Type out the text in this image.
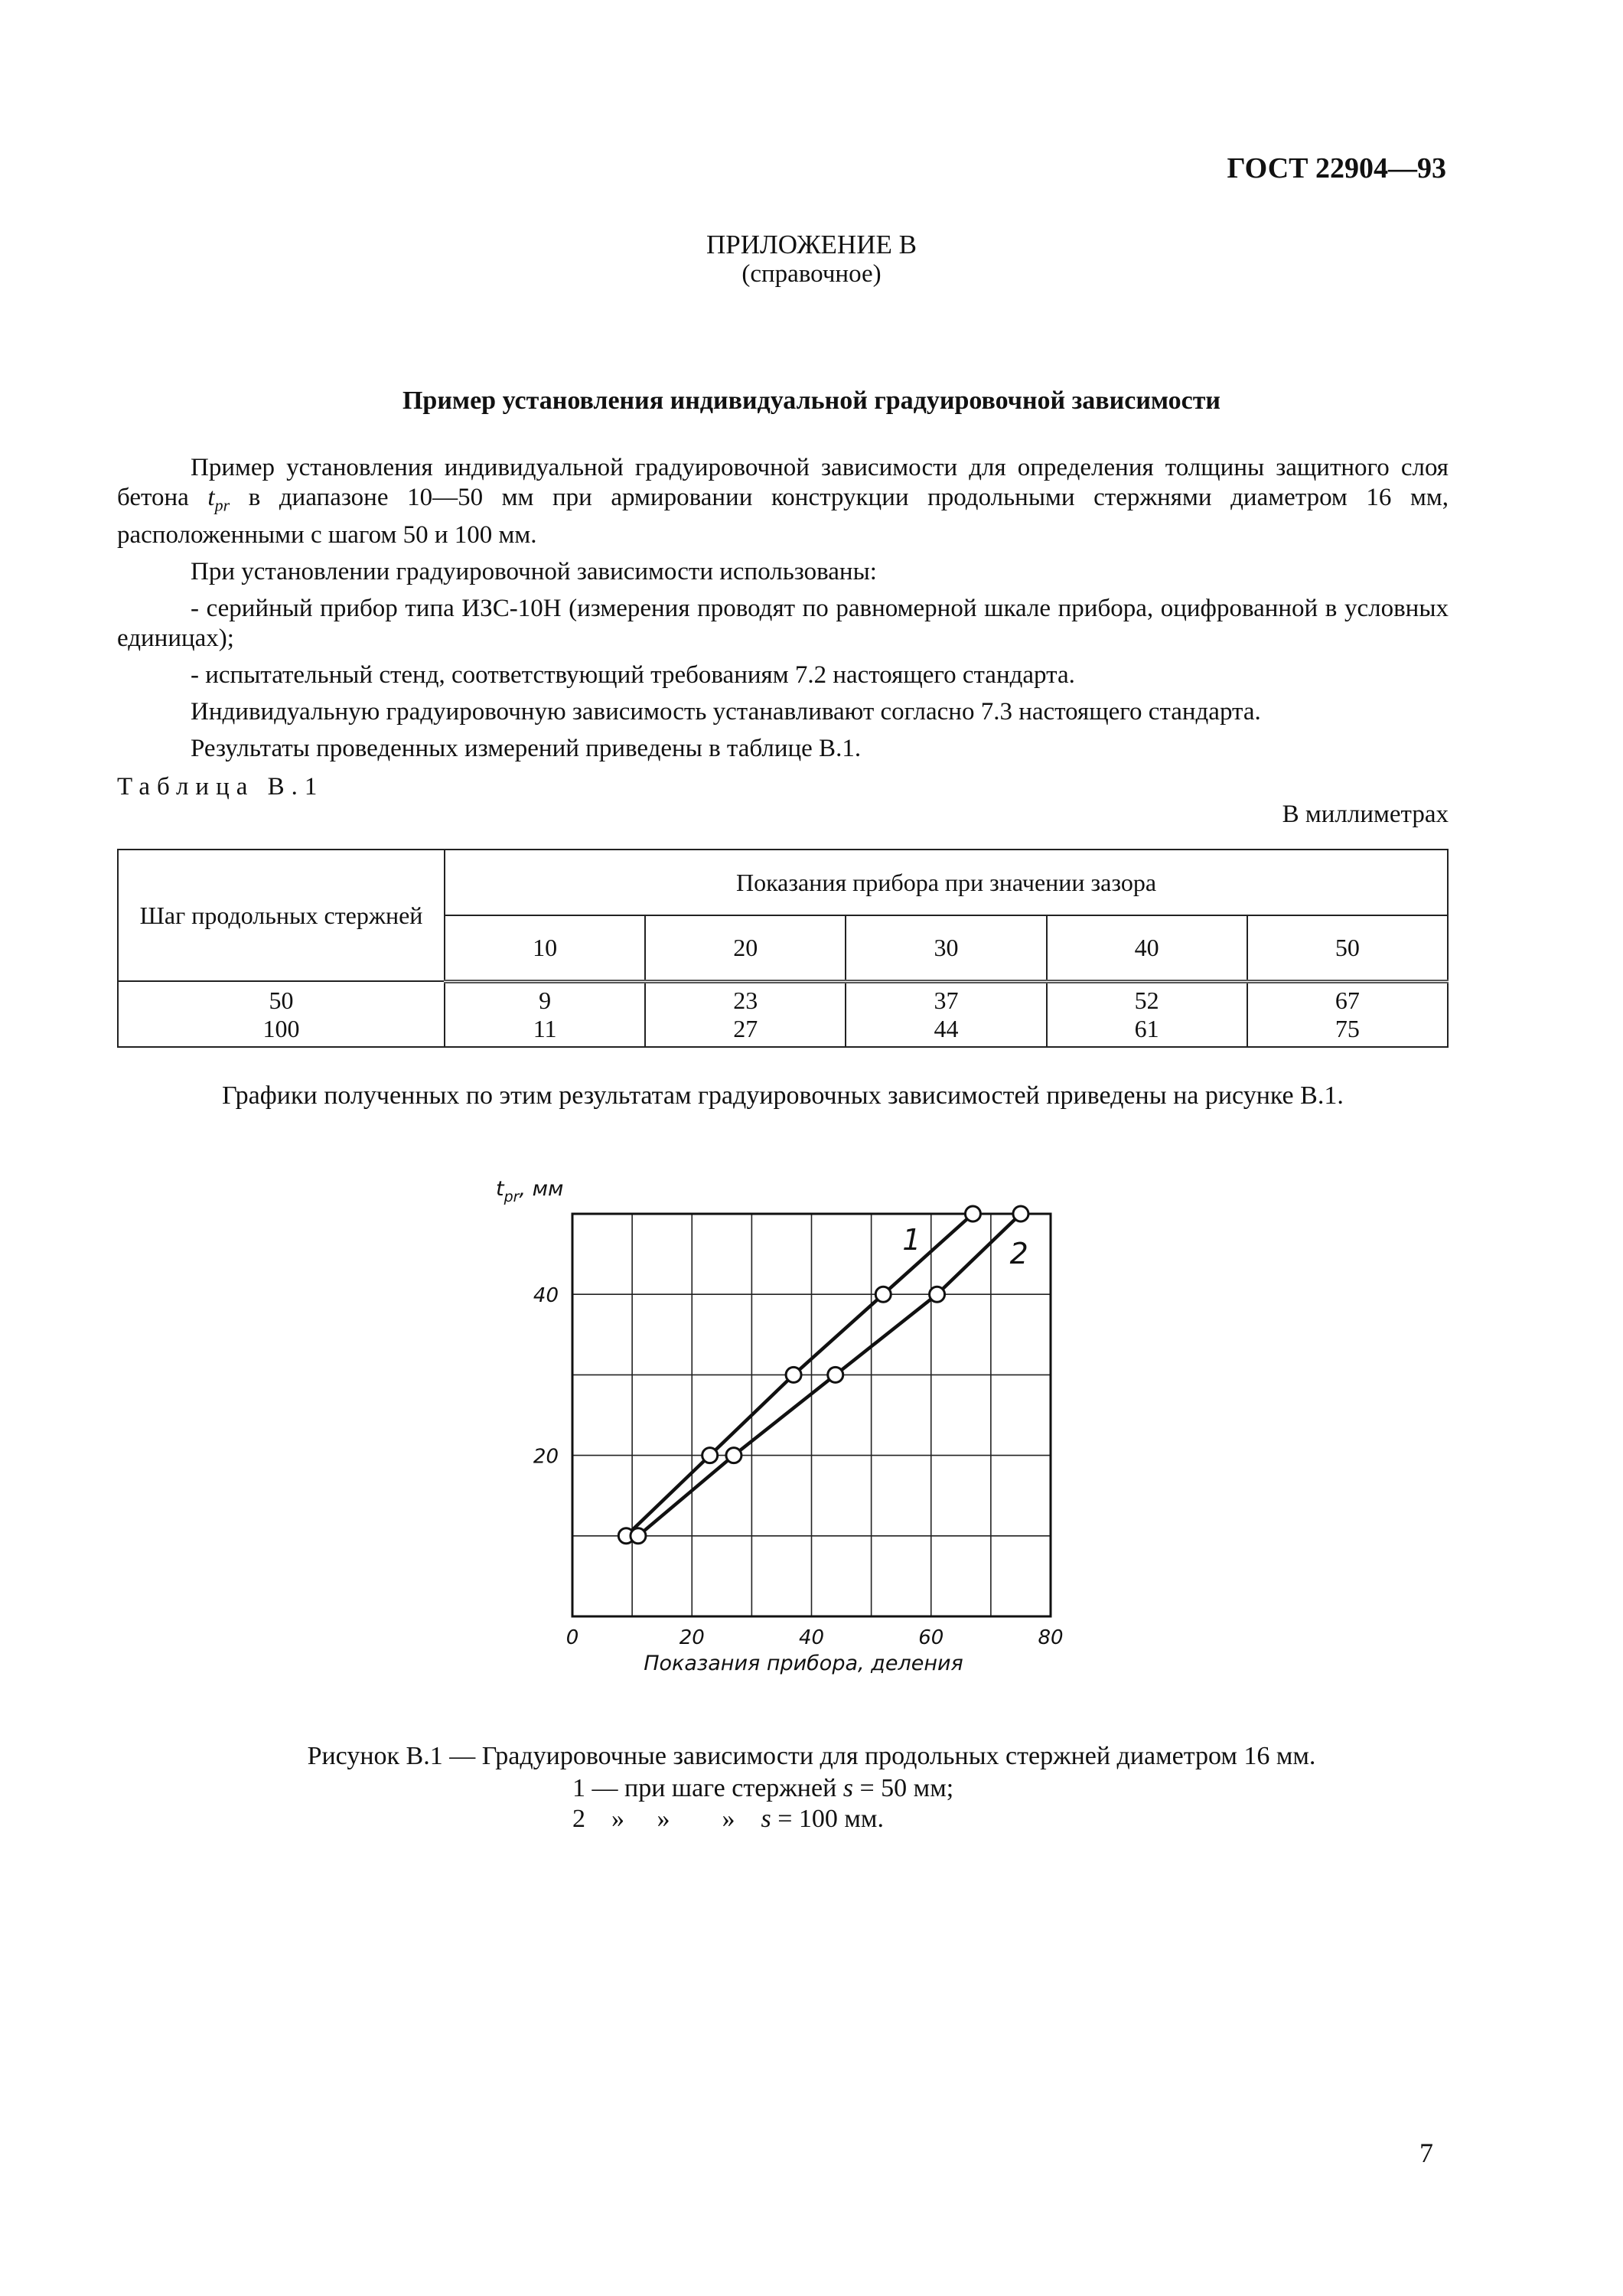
ГОСТ 22904—93
ПРИЛОЖЕНИЕ В
(справочное)
Пример установления индивидуальной градуировочной зависимости

Пример установления индивидуальной градуировочной зависимости для определения толщины защитного слоя бетона $t_{pr}$ в диапазоне 10—50 мм при армировании конструкции продольными стержнями диаметром 16 мм, расположенными с шагом 50 и 100 мм.

При установлении градуировочной зависимости использованы:

- серийный прибор типа ИЗС-10Н (измерения проводят по равномерной шкале прибора, оцифрованной в условных единицах);

- испытательный стенд, соответствующий требованиям 7.2 настоящего стандарта.

Индивидуальную градуировочную зависимость устанавливают согласно 7.3 настоящего стандарта.

Результаты проведенных измерений приведены в таблице В.1.

Таблица В.1
В миллиметрах
Шаг продольных стержней	Показания прибора при значении зазора				
	10	20	30	40	50
50	9	23	37	52	67
100	11	27	44	61	75
Графики полученных по этим результатам градуировочных зависимостей приведены на рисунке В.1.
1	2
0	20	40	60	80
20
40
$t_{pr}$, мм
Показания прибора, деления
Рисунок В.1 — Градуировочные зависимости для продольных стержней диаметром 16 мм.
1 — при шаге стержней s = 50 мм;
2    »     »        »    s = 100 мм.
7
